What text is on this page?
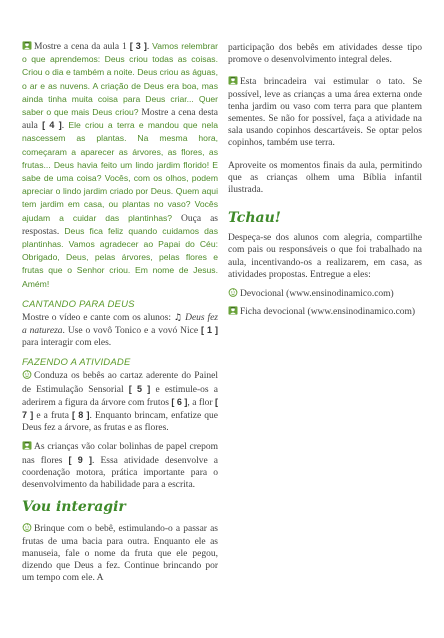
Mostre a cena da aula 1 [ 3 ]. Vamos relembrar o que aprendemos: Deus criou todas as coisas. Criou o dia e também a noite. Deus criou as águas, o ar e as nuvens. A criação de Deus era boa, mas ainda tinha muita coisa para Deus criar... Quer saber o que mais Deus criou? Mostre a cena desta aula [ 4 ]. Ele criou a terra e mandou que nela nascessem as plantas. Na mesma hora, começaram a aparecer as árvores, as flores, as frutas... Deus havia feito um lindo jardim florido! E sabe de uma coisa? Vocês, com os olhos, podem apreciar o lindo jardim criado por Deus. Quem aqui tem jardim em casa, ou plantas no vaso? Vocês ajudam a cuidar das plantinhas? Ouça as respostas. Deus fica feliz quando cuidamos das plantinhas. Vamos agradecer ao Papai do Céu: Obrigado, Deus, pelas árvores, pelas flores e frutas que o Senhor criou. Em nome de Jesus. Amém!

CANTANDO PARA DEUS

Mostre o vídeo e cante com os alunos: ♫ Deus fez a natureza. Use o vovô Tonico e a vovó Nice [ 1 ] para interagir com eles.

FAZENDO A ATIVIDADE

Conduza os bebês ao cartaz aderente do Painel de Estimulação Sensorial [ 5 ] e estimule-os a aderirem a figura da árvore com frutos [ 6 ], a flor [ 7 ] e a fruta [ 8 ]. Enquanto brincam, enfatize que Deus fez a árvore, as frutas e as flores.

As crianças vão colar bolinhas de papel crepom nas flores [ 9 ]. Essa atividade desenvolve a coordenação motora, prática importante para o desenvolvimento da habilidade para a escrita.

Vou interagir

Brinque com o bebê, estimulando-o a passar as frutas de uma bacia para outra. Enquanto ele as manuseia, fale o nome da fruta que ele pegou, dizendo que Deus a fez. Continue brincando por um tempo com ele. A

participação dos bebês em atividades desse tipo promove o desenvolvimento integral deles.

Esta brincadeira vai estimular o tato. Se possível, leve as crianças a uma área externa onde tenha jardim ou vaso com terra para que plantem sementes. Se não for possível, faça a atividade na sala usando copinhos descartáveis. Se optar pelos copinhos, também use terra.

Aproveite os momentos finais da aula, permitindo que as crianças olhem uma Bíblia infantil ilustrada.

Tchau!

Despeça-se dos alunos com alegria, compartilhe com pais ou responsáveis o que foi trabalhado na aula, incentivando-os a realizarem, em casa, as atividades propostas. Entregue a eles:

Devocional (www.ensinodinamico.com)
Ficha devocional (www.ensinodinamico.com)
